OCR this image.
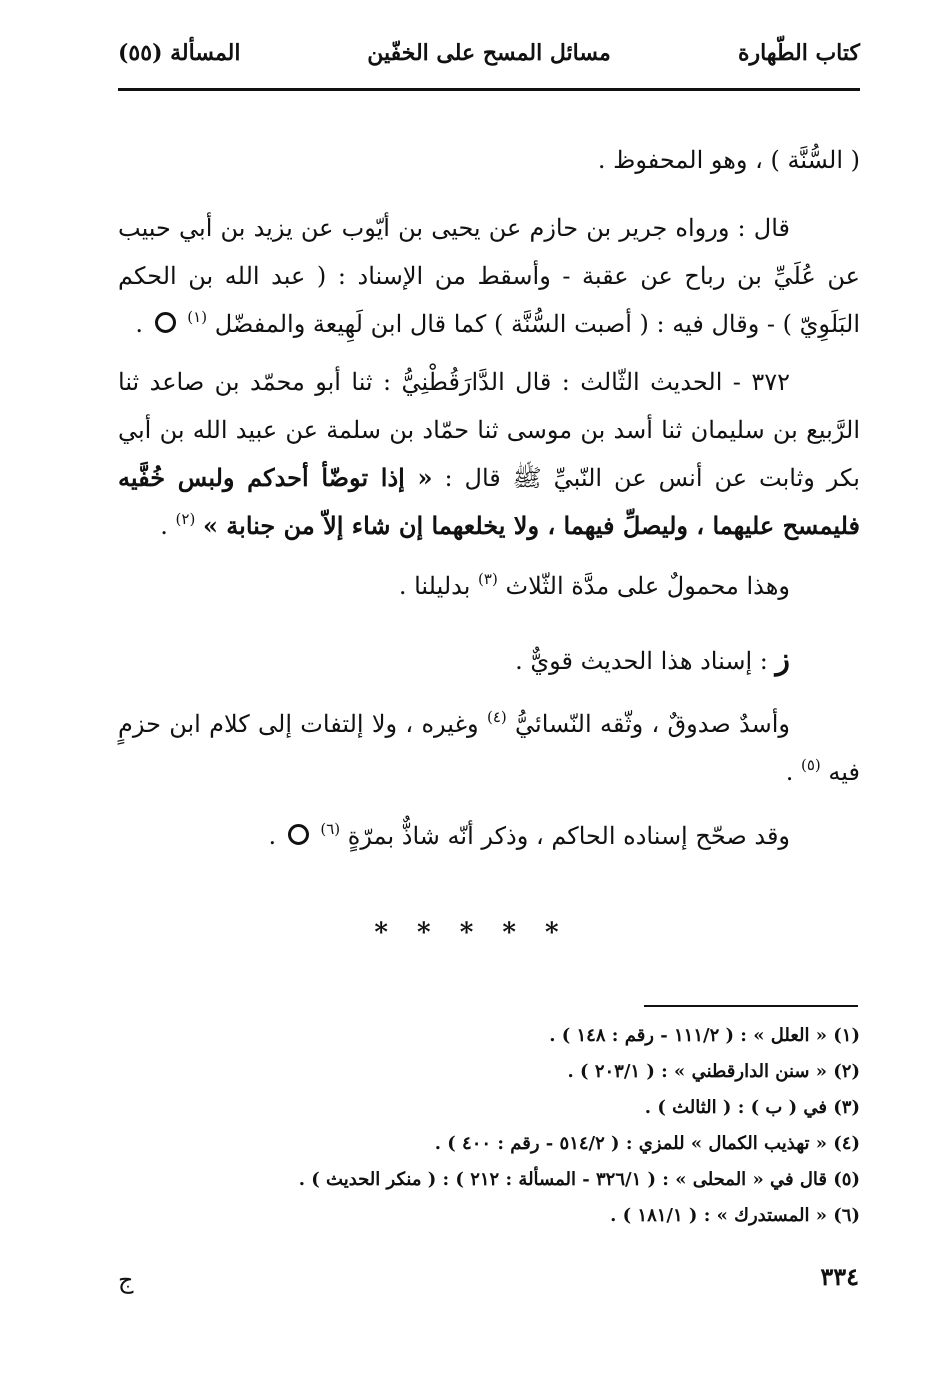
كتاب الطّهارة
مسائل المسح على الخفّين
المسألة (٥٥)

( السُّنَّة ) ، وهو المحفوظ .

قال : ورواه جرير بن حازم عن يحيى بن أيّوب عن يزيد بن أبي حبيب عن عُلَيِّ بن رباح عن عقبة - وأسقط من الإسناد : ( عبد الله بن الحكم البَلَوِيّ ) - وقال فيه : ( أصبت السُّنَّة ) كما قال ابن لَهِيعة والمفضّل $^{(١)}$  .

٣٧٢ - الحديث الثّالث : قال الدَّارَقُطْنِيُّ : ثنا أبو محمّد بن صاعد ثنا الرَّبيع بن سليمان ثنا أسد بن موسى ثنا حمّاد بن سلمة عن عبيد الله بن أبي بكر وثابت عن أنس عن النّبيِّ ﷺ قال : « إذا توضّأ أحدكم ولبس خُفَّيه فليمسح عليهما ، وليصلِّ فيهما ، ولا يخلعهما إن شاء إلاّ من جنابة » $^{(٢)}$ .

وهذا محمولٌ على مدَّة الثّلاث $^{(٣)}$ بدليلنا .

ز : إسناد هذا الحديث قويٌّ .

وأسدٌ صدوقٌ ، وثّقه النّسائيُّ $^{(٤)}$ وغيره ، ولا إلتفات إلى كلام ابن حزمٍ فيه $^{(٥)}$ .

وقد صحّح إسناده الحاكم ، وذكر أنّه شاذٌّ بمرّةٍ $^{(٦)}$  .

* * * * *
(١) « العلل » : ( ١١١/٢ - رقم : ١٤٨ ) .
(٢) « سنن الدارقطني » : ( ٢٠٣/١ ) .
(٣) في ( ب ) : ( الثالث ) .
(٤) « تهذيب الكمال » للمزي : ( ٥١٤/٢ - رقم : ٤٠٠ ) .
(٥) قال في « المحلى » : ( ٣٢٦/١ - المسألة : ٢١٢ ) : ( منكر الحديث ) .
(٦) « المستدرك » : ( ١٨١/١ ) .
٣٣٤
ج
